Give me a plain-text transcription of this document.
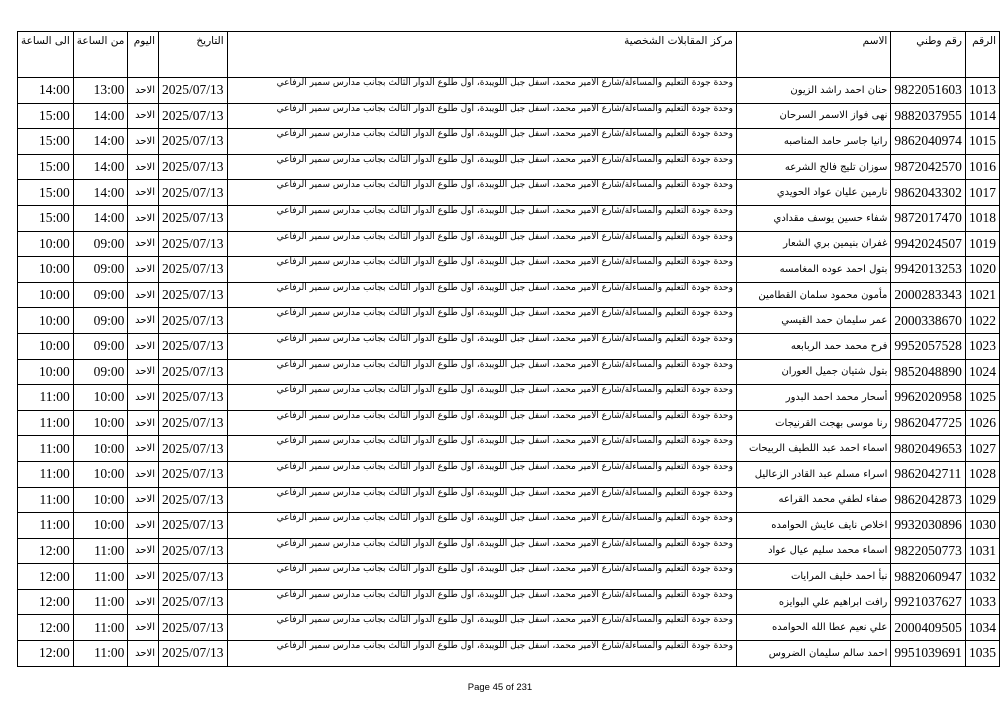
الى الساعة	من الساعة	اليوم	التاريخ	مركز المقابلات الشخصية	الاسم	رقم وطني	الرقم
14:00	13:00	الاحد	2025/07/13	وحدة جودة التعليم والمساءلة/شارع الامير محمد، اسفل جبل اللويبدة، اول طلوع الدوار الثالث بجانب مدارس سمير الرفاعي	حنان احمد راشد الزيون	9822051603	1013
15:00	14:00	الاحد	2025/07/13	وحدة جودة التعليم والمساءلة/شارع الامير محمد، اسفل جبل اللويبدة، اول طلوع الدوار الثالث بجانب مدارس سمير الرفاعي	نهى فواز الاسمر السرحان	9882037955	1014
15:00	14:00	الاحد	2025/07/13	وحدة جودة التعليم والمساءلة/شارع الامير محمد، اسفل جبل اللويبدة، اول طلوع الدوار الثالث بجانب مدارس سمير الرفاعي	رانيا جاسر حامد المناصبه	9862040974	1015
15:00	14:00	الاحد	2025/07/13	وحدة جودة التعليم والمساءلة/شارع الامير محمد، اسفل جبل اللويبدة، اول طلوع الدوار الثالث بجانب مدارس سمير الرفاعي	سوزان تليج فالح الشرعه	9872042570	1016
15:00	14:00	الاحد	2025/07/13	وحدة جودة التعليم والمساءلة/شارع الامير محمد، اسفل جبل اللويبدة، اول طلوع الدوار الثالث بجانب مدارس سمير الرفاعي	نارمين عليان عواد الحويدي	9862043302	1017
15:00	14:00	الاحد	2025/07/13	وحدة جودة التعليم والمساءلة/شارع الامير محمد، اسفل جبل اللويبدة، اول طلوع الدوار الثالث بجانب مدارس سمير الرفاعي	شفاء حسين يوسف مقدادي	9872017470	1018
10:00	09:00	الاحد	2025/07/13	وحدة جودة التعليم والمساءلة/شارع الامير محمد، اسفل جبل اللويبدة، اول طلوع الدوار الثالث بجانب مدارس سمير الرفاعي	غفران بنيمين بري الشعار	9942024507	1019
10:00	09:00	الاحد	2025/07/13	وحدة جودة التعليم والمساءلة/شارع الامير محمد، اسفل جبل اللويبدة، اول طلوع الدوار الثالث بجانب مدارس سمير الرفاعي	بتول احمد عوده المغامسه	9942013253	1020
10:00	09:00	الاحد	2025/07/13	وحدة جودة التعليم والمساءلة/شارع الامير محمد، اسفل جبل اللويبدة، اول طلوع الدوار الثالث بجانب مدارس سمير الرفاعي	مأمون محمود سلمان القطامين	2000283343	1021
10:00	09:00	الاحد	2025/07/13	وحدة جودة التعليم والمساءلة/شارع الامير محمد، اسفل جبل اللويبدة، اول طلوع الدوار الثالث بجانب مدارس سمير الرفاعي	عمر سليمان حمد القيسي	2000338670	1022
10:00	09:00	الاحد	2025/07/13	وحدة جودة التعليم والمساءلة/شارع الامير محمد، اسفل جبل اللويبدة، اول طلوع الدوار الثالث بجانب مدارس سمير الرفاعي	فرح محمد حمد الربابعه	9952057528	1023
10:00	09:00	الاحد	2025/07/13	وحدة جودة التعليم والمساءلة/شارع الامير محمد، اسفل جبل اللويبدة، اول طلوع الدوار الثالث بجانب مدارس سمير الرفاعي	بتول شتيان جميل العوران	9852048890	1024
11:00	10:00	الاحد	2025/07/13	وحدة جودة التعليم والمساءلة/شارع الامير محمد، اسفل جبل اللويبدة، اول طلوع الدوار الثالث بجانب مدارس سمير الرفاعي	أسحار محمد احمد البدور	9962020958	1025
11:00	10:00	الاحد	2025/07/13	وحدة جودة التعليم والمساءلة/شارع الامير محمد، اسفل جبل اللويبدة، اول طلوع الدوار الثالث بجانب مدارس سمير الرفاعي	رنا موسى بهجت القرنيجات	9862047725	1026
11:00	10:00	الاحد	2025/07/13	وحدة جودة التعليم والمساءلة/شارع الامير محمد، اسفل جبل اللويبدة، اول طلوع الدوار الثالث بجانب مدارس سمير الرفاعي	اسماء احمد عبد اللطيف الربيحات	9802049653	1027
11:00	10:00	الاحد	2025/07/13	وحدة جودة التعليم والمساءلة/شارع الامير محمد، اسفل جبل اللويبدة، اول طلوع الدوار الثالث بجانب مدارس سمير الرفاعي	اسراء مسلم عبد القادر الزعاليل	9862042711	1028
11:00	10:00	الاحد	2025/07/13	وحدة جودة التعليم والمساءلة/شارع الامير محمد، اسفل جبل اللويبدة، اول طلوع الدوار الثالث بجانب مدارس سمير الرفاعي	صفاء لطفي محمد القراعه	9862042873	1029
11:00	10:00	الاحد	2025/07/13	وحدة جودة التعليم والمساءلة/شارع الامير محمد، اسفل جبل اللويبدة، اول طلوع الدوار الثالث بجانب مدارس سمير الرفاعي	اخلاص نايف عايش الحوامده	9932030896	1030
12:00	11:00	الاحد	2025/07/13	وحدة جودة التعليم والمساءلة/شارع الامير محمد، اسفل جبل اللويبدة، اول طلوع الدوار الثالث بجانب مدارس سمير الرفاعي	اسماء محمد سليم عيال عواد	9822050773	1031
12:00	11:00	الاحد	2025/07/13	وحدة جودة التعليم والمساءلة/شارع الامير محمد، اسفل جبل اللويبدة، اول طلوع الدوار الثالث بجانب مدارس سمير الرفاعي	نبأ احمد خليف المرايات	9882060947	1032
12:00	11:00	الاحد	2025/07/13	وحدة جودة التعليم والمساءلة/شارع الامير محمد، اسفل جبل اللويبدة، اول طلوع الدوار الثالث بجانب مدارس سمير الرفاعي	رافت ابراهيم علي البوايزه	9921037627	1033
12:00	11:00	الاحد	2025/07/13	وحدة جودة التعليم والمساءلة/شارع الامير محمد، اسفل جبل اللويبدة، اول طلوع الدوار الثالث بجانب مدارس سمير الرفاعي	علي نعيم عطا الله الحوامده	2000409505	1034
12:00	11:00	الاحد	2025/07/13	وحدة جودة التعليم والمساءلة/شارع الامير محمد، اسفل جبل اللويبدة، اول طلوع الدوار الثالث بجانب مدارس سمير الرفاعي	احمد سالم سليمان الضروس	9951039691	1035
Page 45 of 231
